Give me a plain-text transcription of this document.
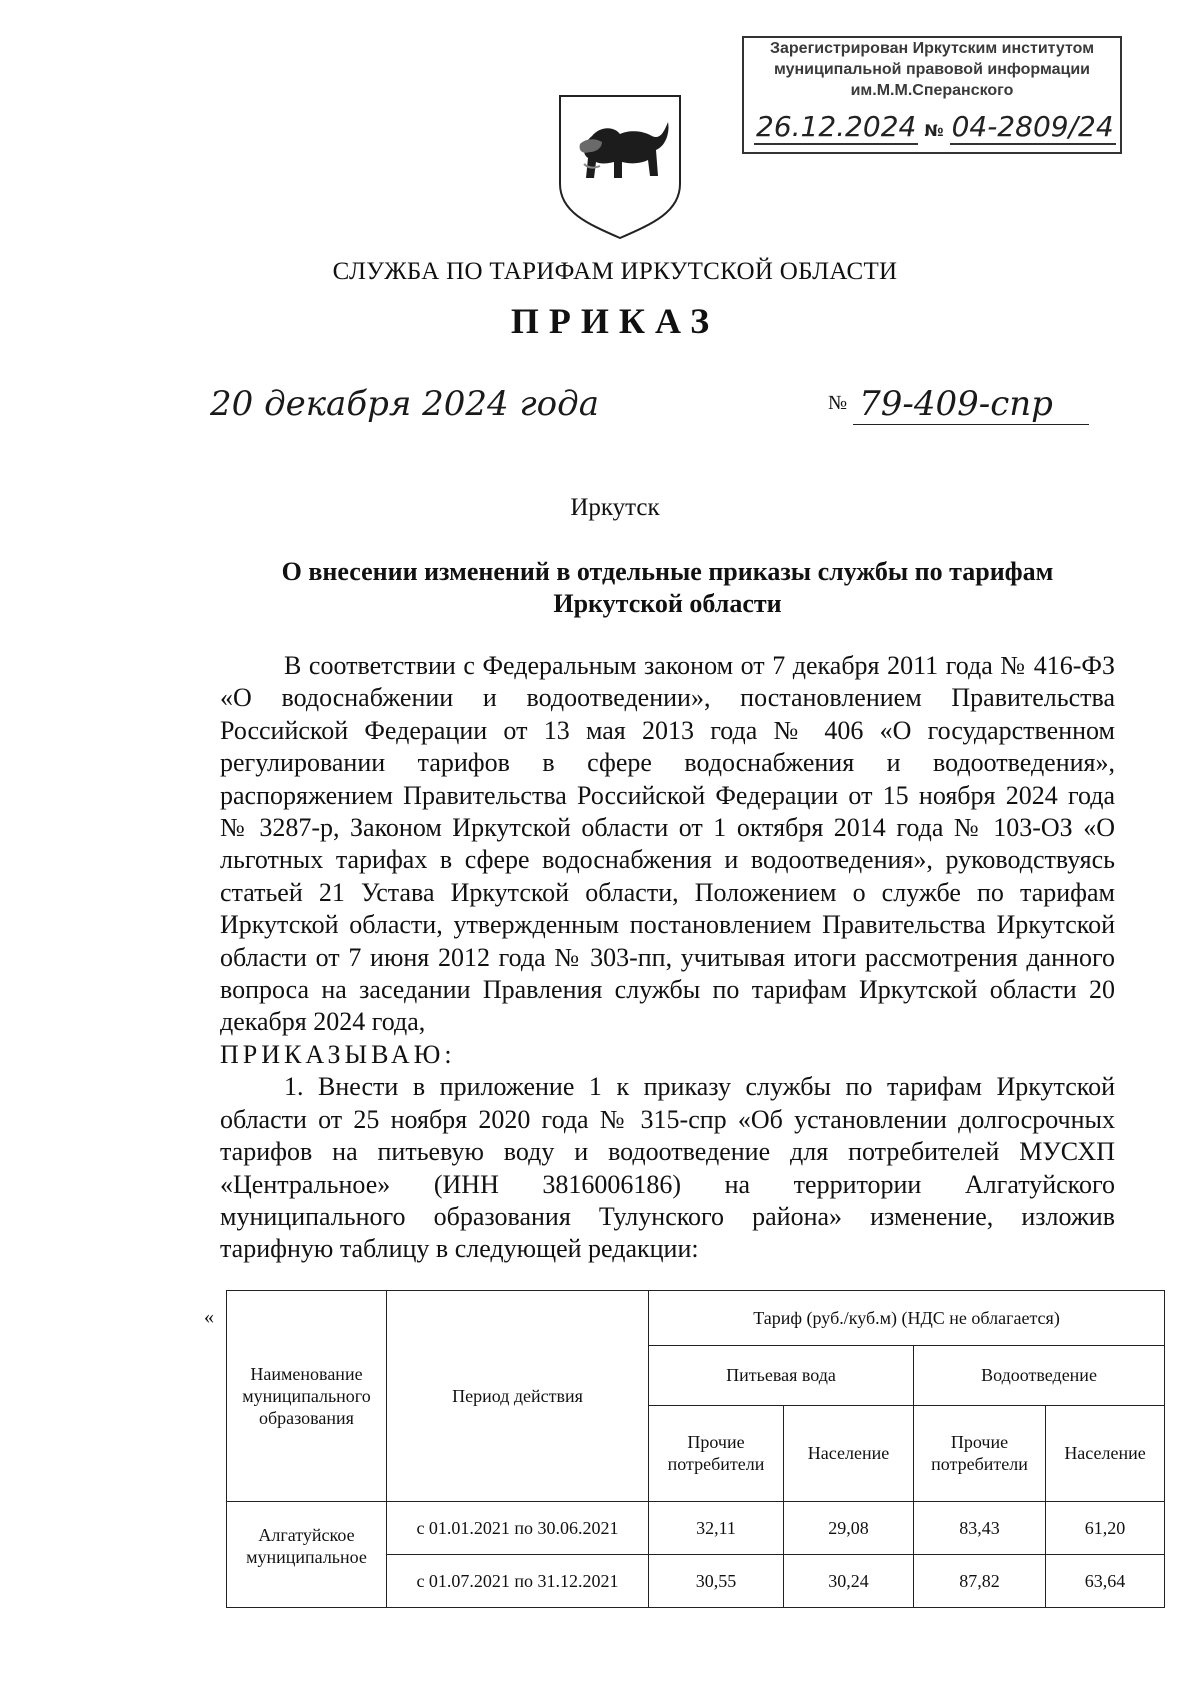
Зарегистрирован Иркутским институтом
муниципальной правовой информации
им.М.М.Сперанского
26.12.2024 № 04-2809/24
СЛУЖБА ПО ТАРИФАМ ИРКУТСКОЙ ОБЛАСТИ
ПРИКАЗ
20 декабря 2024 года	№ 79-409-спр
Иркутск
О внесении изменений в отдельные приказы службы по тарифам
Иркутской области

В соответствии с Федеральным законом от 7 декабря 2011 года № 416-ФЗ «О водоснабжении и водоотведении», постановлением Правительства Российской Федерации от 13 мая 2013 года № 406 «О государственном регулировании тарифов в сфере водоснабжения и водоотведения», распоряжением Правительства Российской Федерации от 15 ноября 2024 года № 3287-р, Законом Иркутской области от 1 октября 2014 года № 103-ОЗ «О льготных тарифах в сфере водоснабжения и водоотведения», руководствуясь статьей 21 Устава Иркутской области, Положением о службе по тарифам Иркутской области, утвержденным постановлением Правительства Иркутской области от 7 июня 2012 года № 303-пп, учитывая итоги рассмотрения данного вопроса на заседании Правления службы по тарифам Иркутской области 20 декабря 2024 года,

ПРИКАЗЫВАЮ:

1. Внести в приложение 1 к приказу службы по тарифам Иркутской области от 25 ноября 2020 года № 315-спр «Об установлении долгосрочных тарифов на питьевую воду и водоотведение для потребителей МУСХП «Центральное» (ИНН 3816006186) на территории Алгатуйского муниципального образования Тулунского района» изменение, изложив тарифную таблицу в следующей редакции:

«
Наименование муниципального образования	Период действия	Тариф (руб./куб.м) (НДС не облагается)			
		Питьевая вода		Водоотведение	
		Прочие потребители	Население	Прочие потребители	Население
Алгатуйское муниципальное	с 01.01.2021 по 30.06.2021	32,11	29,08	83,43	61,20
	с 01.07.2021 по 31.12.2021	30,55	30,24	87,82	63,64
